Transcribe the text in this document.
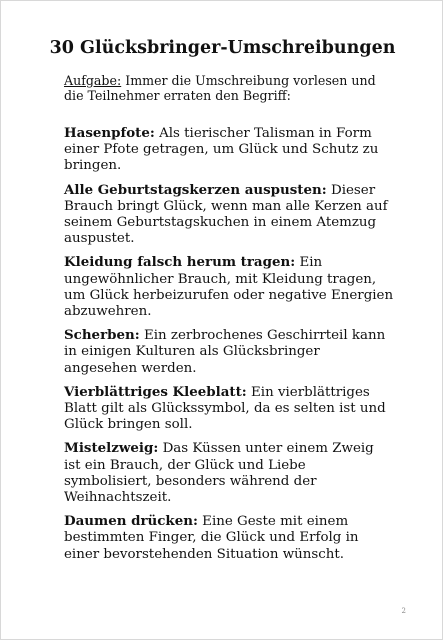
30 Glücksbringer-Umschreibungen

Aufgabe: Immer die Umschreibung vorlesen und die Teilnehmer erraten den Begriff:

Hasenpfote: Als tierischer Talisman in Form einer Pfote getragen, um Glück und Schutz zu bringen.

Alle Geburtstagskerzen auspusten: Dieser Brauch bringt Glück, wenn man alle Kerzen auf seinem Geburtstagskuchen in einem Atemzug auspustet.

Kleidung falsch herum tragen: Ein ungewöhnlicher Brauch, mit Kleidung tragen, um Glück herbeizurufen oder negative Energien abzuwehren.

Scherben: Ein zerbrochenes Geschirrteil kann in einigen Kulturen als Glücksbringer angesehen werden.

Vierblättriges Kleeblatt: Ein vierblättriges Blatt gilt als Glückssymbol, da es selten ist und Glück bringen soll.

Mistelzweig: Das Küssen unter einem Zweig ist ein Brauch, der Glück und Liebe symbolisiert, besonders während der Weihnachtszeit.

Daumen drücken: Eine Geste mit einem bestimmten Finger, die Glück und Erfolg in einer bevorstehenden Situation wünscht.

2
